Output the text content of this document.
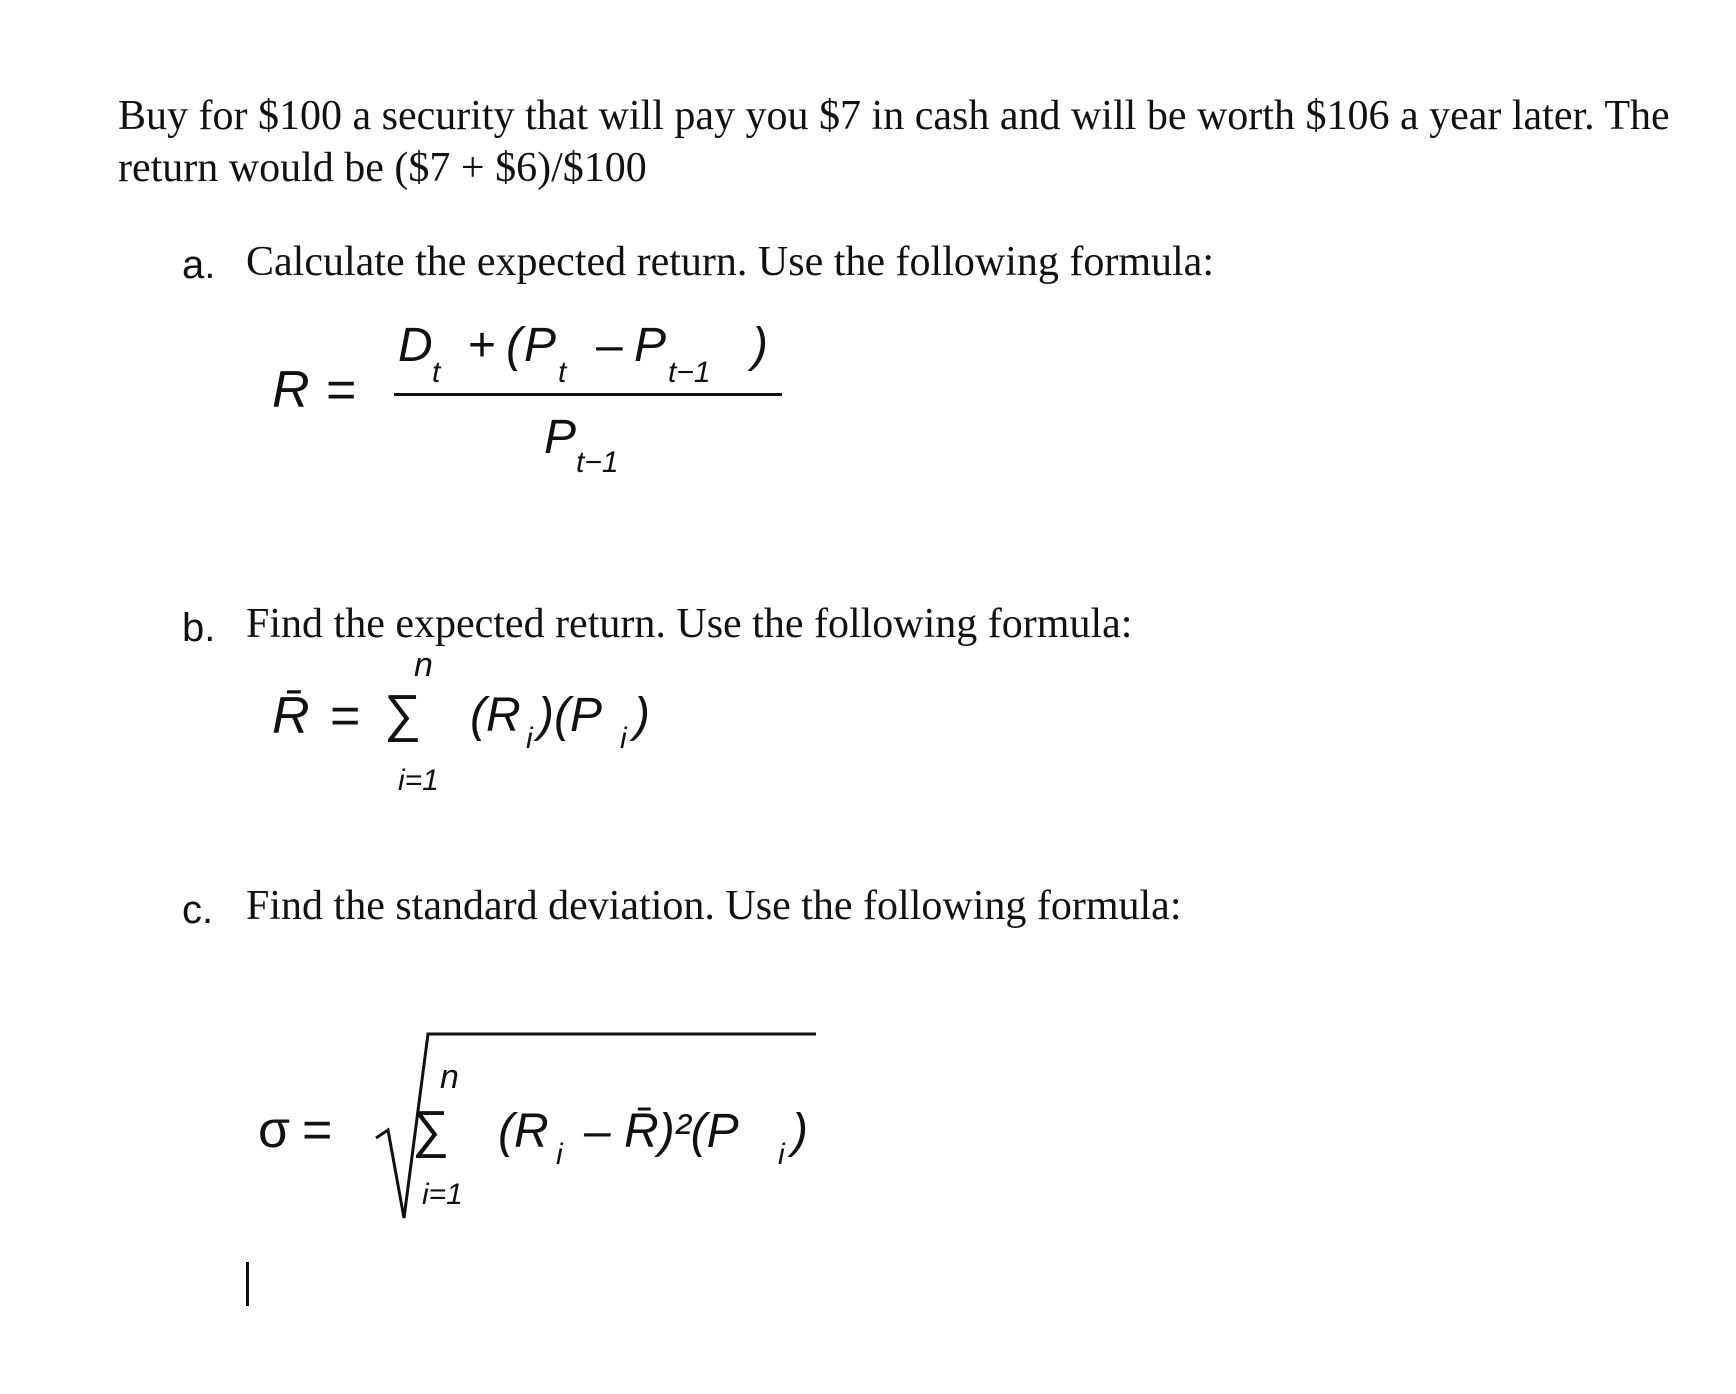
Buy for $100 a security that will pay you $7 in cash and will be worth $106 a year later. The
return would be ($7 + $6)/$100
a. Calculate the expected return. Use the following formula:
R =
D
t
+ ( P
t
– P
t−1
)
P t−1
b. Find the expected return. Use the following formula:
n
R̄ = ∑ (R i )(P i )
i=1
c. Find the standard deviation. Use the following formula:
σ =
n
∑ (R i – R̄)²(P i )
i=1
